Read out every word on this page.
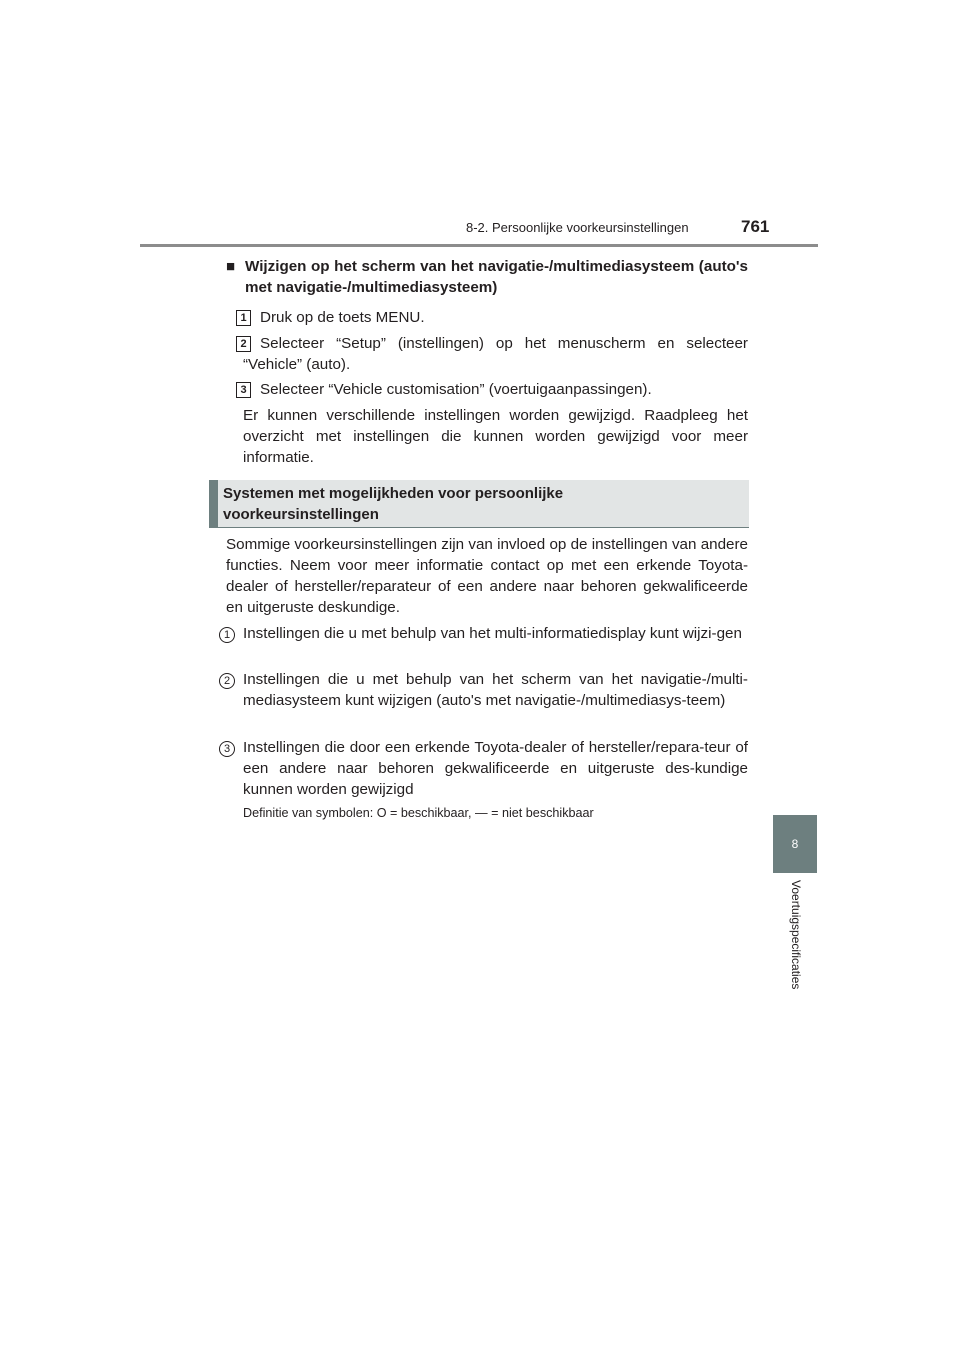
8-2. Persoonlijke voorkeursinstellingen	761
8
Voertuigspecificaties
■ Wijzigen op het scherm van het navigatie-/multimediasysteem (auto's met navigatie-/multimediasysteem)
1 Druk op de toets MENU.
2 Selecteer “Setup” (instellingen) op het menuscherm en selecteer “Vehicle” (auto).
3 Selecteer “Vehicle customisation” (voertuigaanpassingen).
Er kunnen verschillende instellingen worden gewijzigd. Raadpleeg het overzicht met instellingen die kunnen worden gewijzigd voor meer informatie.
Systemen met mogelijkheden voor persoonlijke voorkeursinstellingen
Sommige voorkeursinstellingen zijn van invloed op de instellingen van andere functies. Neem voor meer informatie contact op met een erkende Toyota-dealer of hersteller/reparateur of een andere naar behoren gekwalificeerde en uitgeruste deskundige.
1 Instellingen die u met behulp van het multi-informatiedisplay kunt wijzi-gen
2 Instellingen die u met behulp van het scherm van het navigatie-/multi-mediasysteem kunt wijzigen (auto's met navigatie-/multimediasys-teem)
3 Instellingen die door een erkende Toyota-dealer of hersteller/repara-teur of een andere naar behoren gekwalificeerde en uitgeruste des-kundige kunnen worden gewijzigd
Definitie van symbolen: O = beschikbaar, — = niet beschikbaar
